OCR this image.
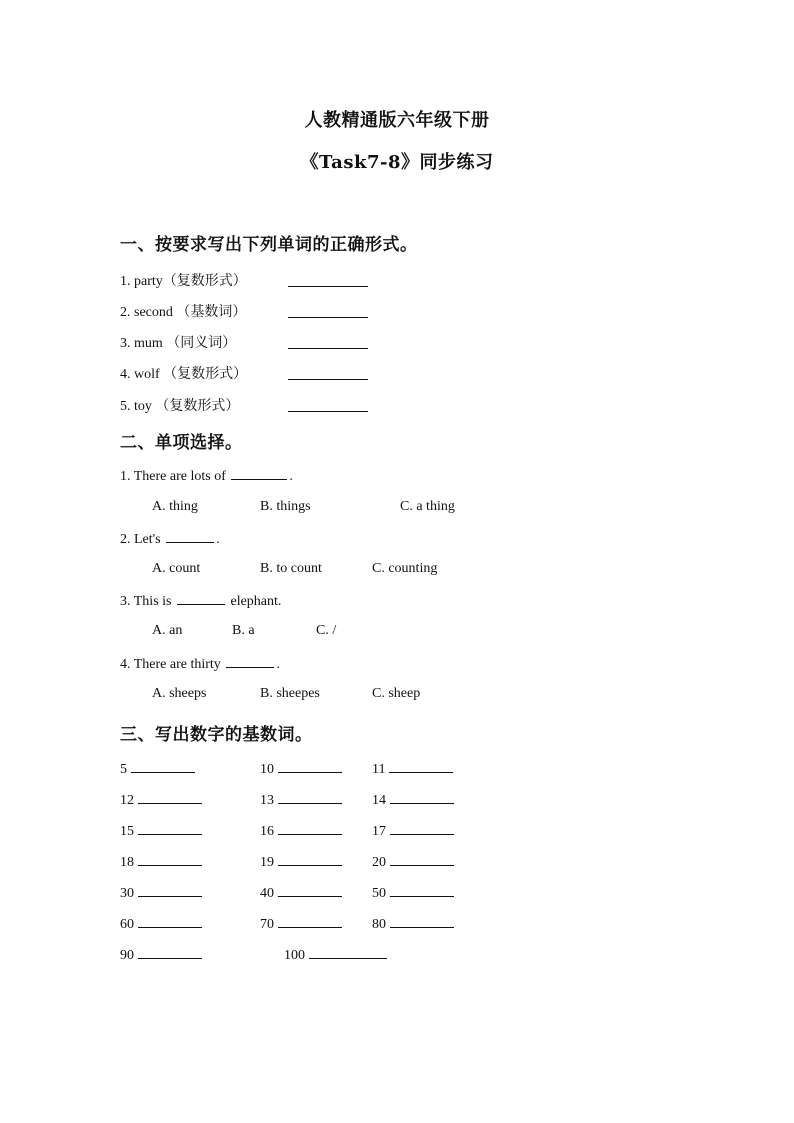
人教精通版六年级下册
《Task7-8》同步练习
一、按要求写出下列单词的正确形式。
1. party（复数形式）
2. second （基数词）
3. mum （同义词）
4. wolf （复数形式）
5. toy （复数形式）
二、单项选择。
1. There are lots of	.
A. thing	B. things	C. a thing
2. Let's	.
A. count	B. to count	C. counting
3. This is	elephant.
A. an	B. a	C. /
4. There are thirty	.
A. sheeps	B. sheepes	C. sheep
三、写出数字的基数词。
5	10	11
12	13	14
15	16	17
18	19	20
30	40	50
60	70	80
90	100
